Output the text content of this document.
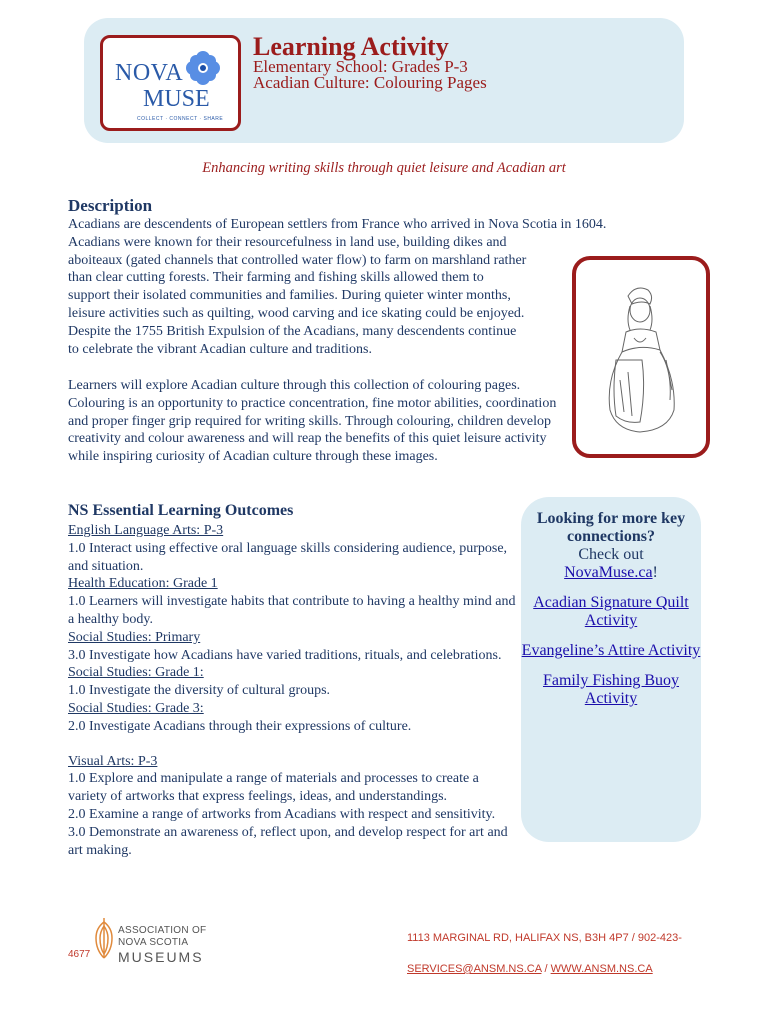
NOVA
MUSE
COLLECT · CONNECT · SHARE
Learning Activity
Elementary School: Grades P-3
Acadian Culture: Colouring Pages
Enhancing writing skills through quiet leisure and Acadian art
Description
Acadians are descendents of European settlers from France who arrived in Nova Scotia in 1604.
Acadians were known for their resourcefulness in land use, building dikes and
aboiteaux (gated channels that controlled water flow) to farm on marshland rather
than clear cutting forests. Their farming and fishing skills allowed them to
support their isolated communities and families. During quieter winter months,
leisure activities such as quilting, wood carving and ice skating could be enjoyed.
Despite the 1755 British Expulsion of the Acadians, many descendents continue
to celebrate the vibrant Acadian culture and traditions.

Learners will explore Acadian culture through this collection of colouring pages. Colouring is an opportunity to practice concentration, fine motor abilities, coordination and proper finger grip required for writing skills. Through colouring, children develop creativity and colour awareness and will reap the benefits of this quiet leisure activity while inspiring curiosity of Acadian culture through these images.

NS Essential Learning Outcomes
English Language Arts: P-3
1.0 Interact using effective oral language skills considering audience, purpose, and situation.
Health Education: Grade 1
1.0 Learners will investigate habits that contribute to having a healthy mind and a healthy body.
Social Studies: Primary
3.0 Investigate how Acadians have varied traditions, rituals, and celebrations.
Social Studies: Grade 1:
1.0 Investigate the diversity of cultural groups.
Social Studies: Grade 3:
2.0 Investigate Acadians through their expressions of culture.
Visual Arts: P-3
1.0 Explore and manipulate a range of materials and processes to create a variety of artworks that express feelings, ideas, and understandings.
2.0 Examine a range of artworks from Acadians with respect and sensitivity.
3.0 Demonstrate an awareness of, reflect upon, and develop respect for art and art making.
Looking for more key connections?
Check out
NovaMuse.ca!
Acadian Signature Quilt Activity
Evangeline’s Attire Activity
Family Fishing Buoy Activity
4677
ASSOCIATION OF
NOVA SCOTIA
MUSEUMS
1113 MARGINAL RD, HALIFAX NS, B3H 4P7 / 902-423-
SERVICES@ANSM.NS.CA / WWW.ANSM.NS.CA
